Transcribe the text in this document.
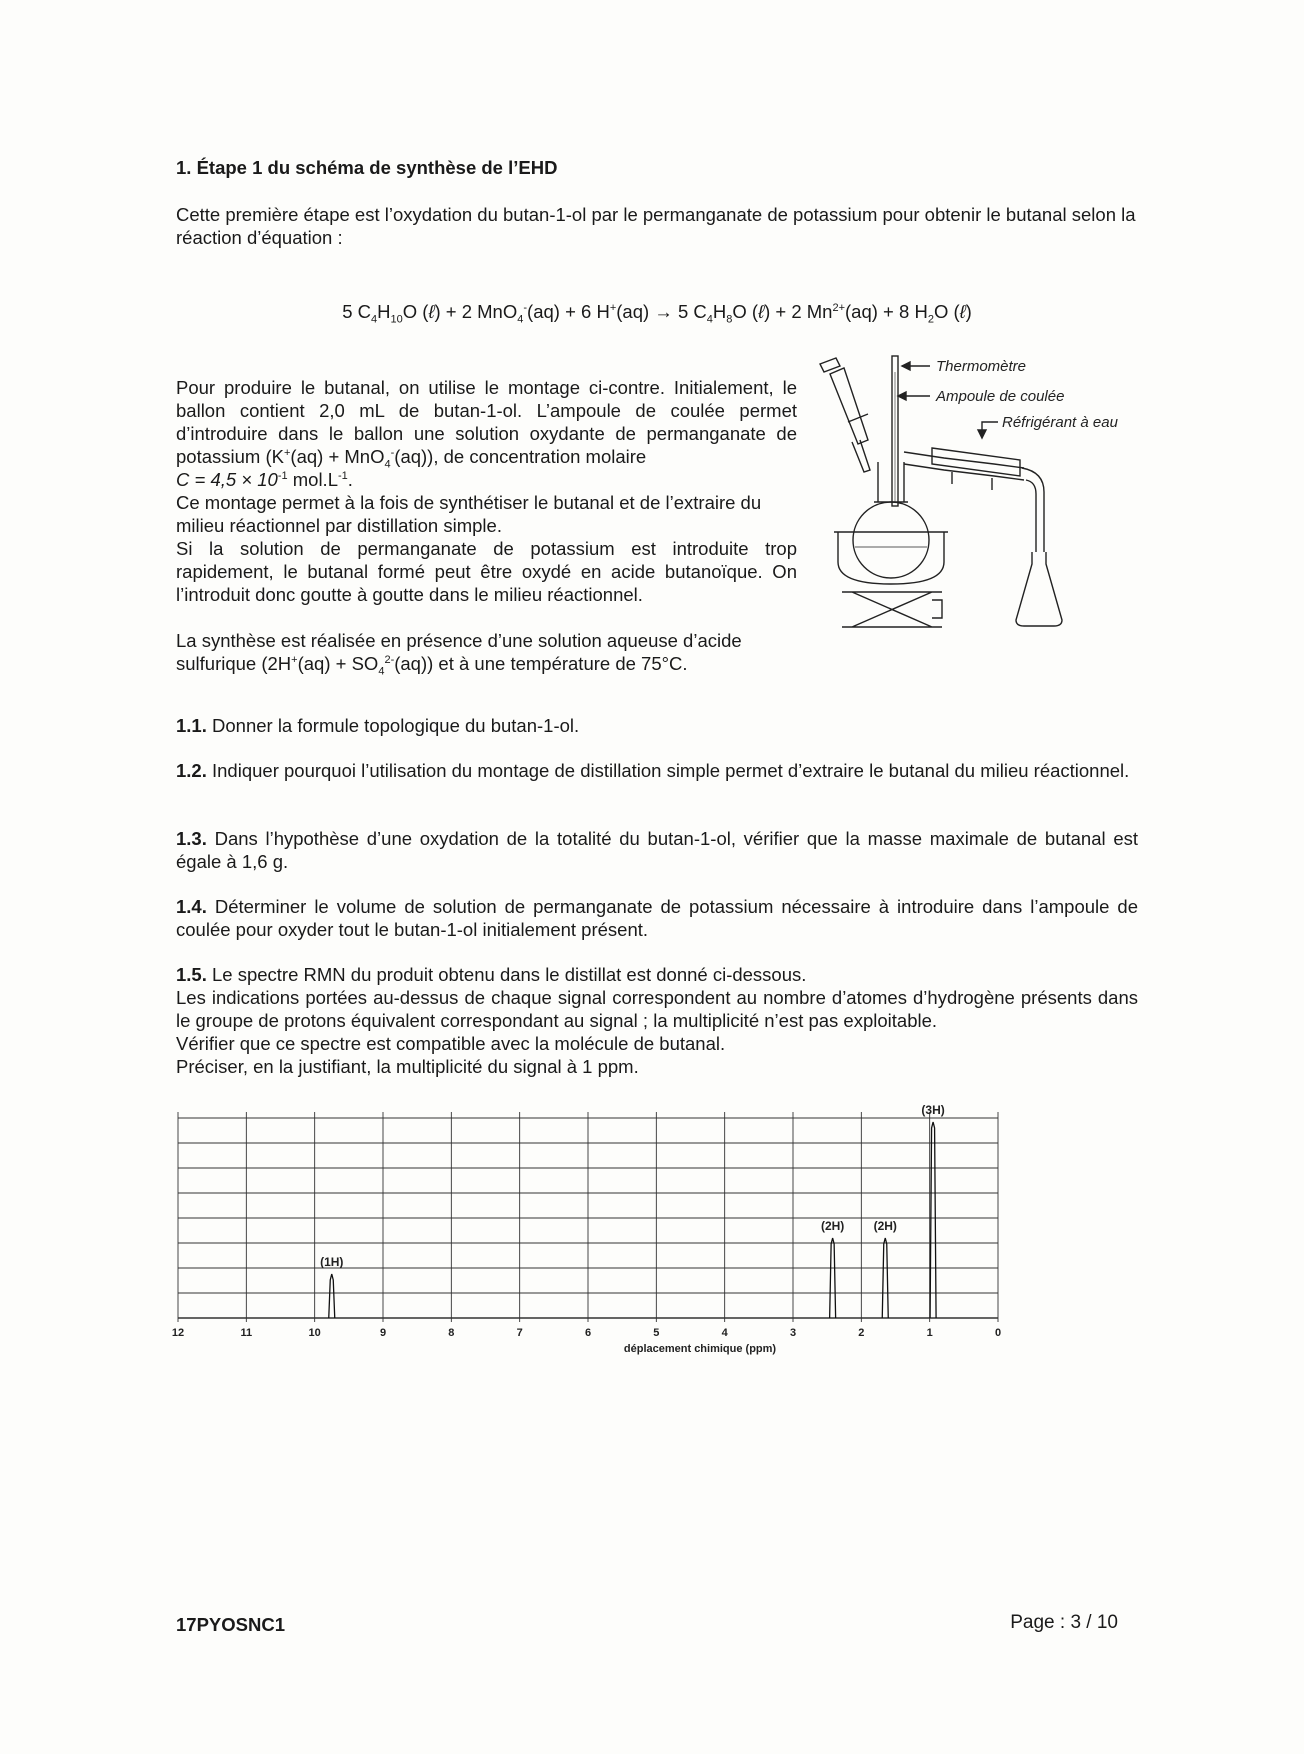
1. Étape 1 du schéma de synthèse de l’EHD

Cette première étape est l’oxydation du butan-1-ol par le permanganate de potassium pour obtenir le butanal selon la réaction d’équation :

5 $C_4H_{10}O$ (ℓ) + 2 MnO$_4$-(aq) + 6 H+(aq) → 5 $C_4H_8O$ (ℓ) + 2 $Mn^{2+}(aq) + 8$ $H_2O$ (ℓ)

Pour produire le butanal, on utilise le montage ci-contre. Initialement, le ballon contient 2,0 mL de butan-1-ol. L’ampoule de coulée permet d’introduire dans le ballon une solution oxydante de permanganate de potassium (K+(aq) + MnO$_4$-(aq)), de concentration molaire
$C = 4,5 \times 10^{-1}$ $mol.L^{-1}$.

Ce montage permet à la fois de synthétiser le butanal et de l’extraire du milieu réactionnel par distillation simple.

Si la solution de permanganate de potassium est introduite trop rapidement, le butanal formé peut être oxydé en acide butanoïque. On l’introduit donc goutte à goutte dans le milieu réactionnel.

La synthèse est réalisée en présence d’une solution aqueuse d’acide sulfurique $(2H^+(aq) + SO_4^{2-}(aq))$ et à une température de 75°C.

Thermomètre
Ampoule de coulée
Réfrigérant à eau
1.1. Donner la formule topologique du butan-1-ol.
1.2. Indiquer pourquoi l’utilisation du montage de distillation simple permet d’extraire le butanal du milieu réactionnel.
1.3. Dans l’hypothèse d’une oxydation de la totalité du butan-1-ol, vérifier que la masse maximale de butanal est égale à 1,6 g.
1.4. Déterminer le volume de solution de permanganate de potassium nécessaire à introduire dans l’ampoule de coulée pour oxyder tout le butan-1-ol initialement présent.
1.5. Le spectre RMN du produit obtenu dans le distillat est donné ci-dessous.
Les indications portées au-dessus de chaque signal correspondent au nombre d’atomes d’hydrogène présents dans le groupe de protons équivalent correspondant au signal ; la multiplicité n’est pas exploitable.
Vérifier que ce spectre est compatible avec la molécule de butanal.
Préciser, en la justifiant, la multiplicité du signal à 1 ppm.
(1H)
(2H) (2H)
(3H)
12	11	10	9	8	7	6	5	4	3	2	1	0
déplacement chimique (ppm)
17PYOSNC1	Page : 3 / 10
